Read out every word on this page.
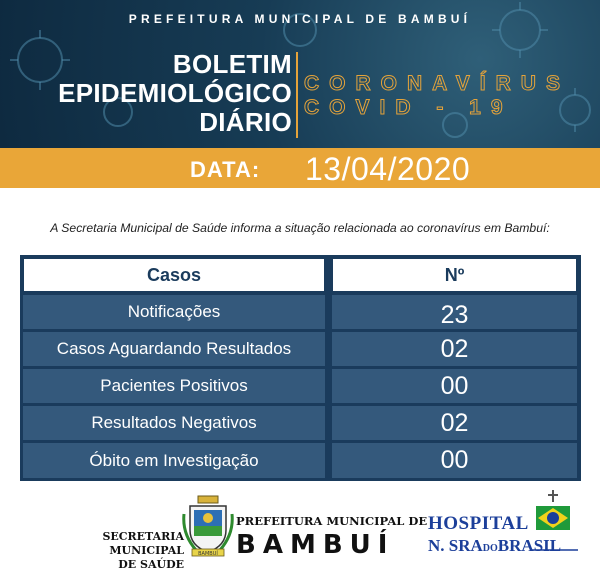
PREFEITURA MUNICIPAL DE BAMBUÍ
BOLETIM
EPIDEMIOLÓGICO
DIÁRIO
CORONAVÍRUS
COVID - 19
DATA: 13/04/2020
A Secretaria Municipal de Saúde informa a situação relacionada ao coronavírus em Bambuí:
Casos	Nº
Notificações	23
Casos Aguardando Resultados	02
Pacientes Positivos	00
Resultados Negativos	02
Óbito em Investigação	00
SECRETARIA MUNICIPAL
DE SAÚDE
BAMBUÍ
PREFEITURA MUNICIPAL DE
BAMBUÍ
HOSPITAL
N. SRADOBRASIL
